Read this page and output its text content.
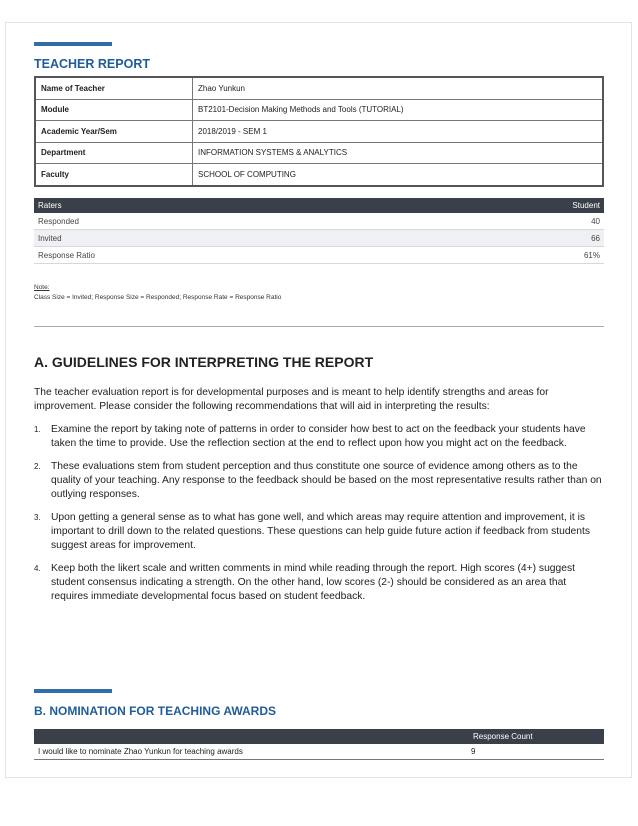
TEACHER REPORT
Name of Teacher	Zhao Yunkun
Module	BT2101-Decision Making Methods and Tools (TUTORIAL)
Academic Year/Sem	2018/2019 - SEM 1
Department	INFORMATION SYSTEMS & ANALYTICS
Faculty	SCHOOL OF COMPUTING
Raters	Student
Responded	40
Invited	66
Response Ratio	61%
Note:
Class Size = Invited; Response Size = Responded; Response Rate = Response Ratio
A. GUIDELINES FOR INTERPRETING THE REPORT
The teacher evaluation report is for developmental purposes and is meant to help identify strengths and areas for improvement. Please consider the following recommendations that will aid in interpreting the results:
1. Examine the report by taking note of patterns in order to consider how best to act on the feedback your students have taken the time to provide. Use the reflection section at the end to reflect upon how you might act on the feedback.
2. These evaluations stem from student perception and thus constitute one source of evidence among others as to the quality of your teaching. Any response to the feedback should be based on the most representative results rather than on outlying responses.
3. Upon getting a general sense as to what has gone well, and which areas may require attention and improvement, it is important to drill down to the related questions. These questions can help guide future action if feedback from students suggest areas for improvement.
4. Keep both the likert scale and written comments in mind while reading through the report. High scores (4+) suggest student consensus indicating a strength. On the other hand, low scores (2-) should be considered as an area that requires immediate developmental focus based on student feedback.
B. NOMINATION FOR TEACHING AWARDS
	Response Count
I would like to nominate Zhao Yunkun for teaching awards	9
